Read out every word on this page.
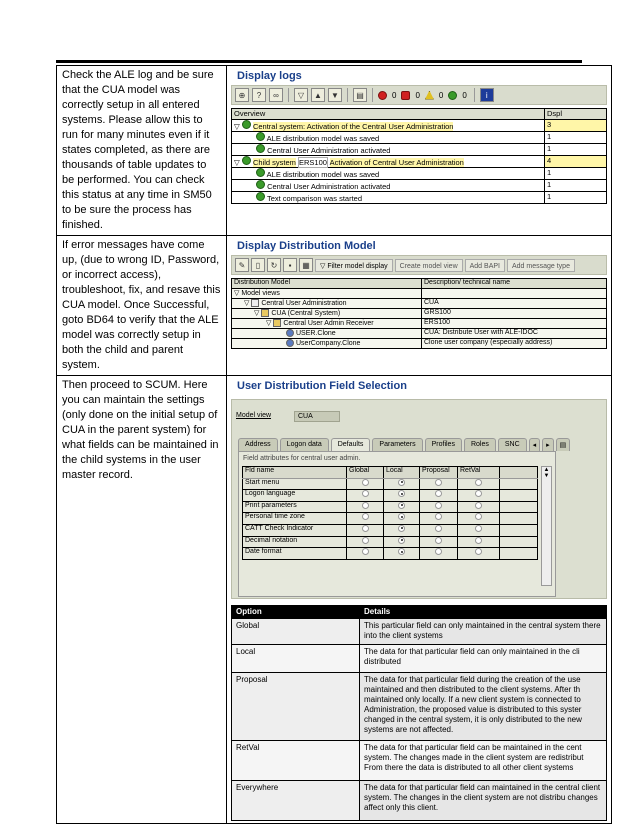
Check the ALE log and be sure that the CUA model was correctly setup in all entered systems. Please allow this to run for many minutes even if it states completed, as there are thousands of table updates to be performed. You can check this status at any time in SM50 to be sure the process has finished.	
Display logs
⊕	?	∞	▽	▲	▼	▤	0 0 0 0	i
Overview	Dspl
▽ Central system: Activation of the Central User Administration	3
ALE distribution model was saved	1
Central User Administration activated	1
▽ Child system ERS100 Activation of Central User Administration	4
ALE distribution model was saved	1
Central User Administration activated	1
Text comparison was started	1

If error messages have come up, (due to wrong ID, Password, or incorrect access), troubleshoot, fix, and resave this CUA model. Once Successful, goto BD64 to verify that the ALE model was correctly setup in both the child and parent system.	
Display Distribution Model
✎	▯	↻	▪	▦	▽ Filter model display	Create model view	Add BAPI	Add message type
Distribution Model	Description/ technical name
▽ Model views	
▽ Central User Administration	CUA
▽ CUA (Central System)	GRS100
▽ Central User Admin Receiver	ERS100
USER.Clone	CUA: Distribute User with ALE-IDOC
UserCompany.Clone	Clone user company (especially address)

Then proceed to SCUM. Here you can maintain the settings (only done on the initial setup of CUA in the parent system) for what fields can be maintained in the child systems in the user master record.	
User Distribution Field Selection
Model view	CUA
Address	Logon data	Defaults	Parameters	Profiles	Roles	SNC	◂	▸	▤
Field attributes for central user admin.
Fld name	Global	Local	Proposal	RetVal	
Start menu					
Logon language					
Print parameters					
Personal time zone					
CATT Check Indicator					
Decimal notation					
Date format					
▲
▼
Option	Details
Global	This particular field can only maintained in the central system there into the client systems
Local	The data for that particular field can only maintained in the cli distributed
Proposal	The data for that particular field during the creation of the use maintained and then distributed to the client systems. After th maintained only locally. If a new client system is connected to Administration, the proposed value is distributed to this syster changed in the central system, it is only distributed to the new systems are not affected.
RetVal	The data for that particular field can be maintained in the cent system. The changes made in the client system are redistribut From there the data is distributed to all other client systems
Everywhere	The data for that particular field can maintained in the central client system. The changes in the client system are not distribu changes affect only this client.
